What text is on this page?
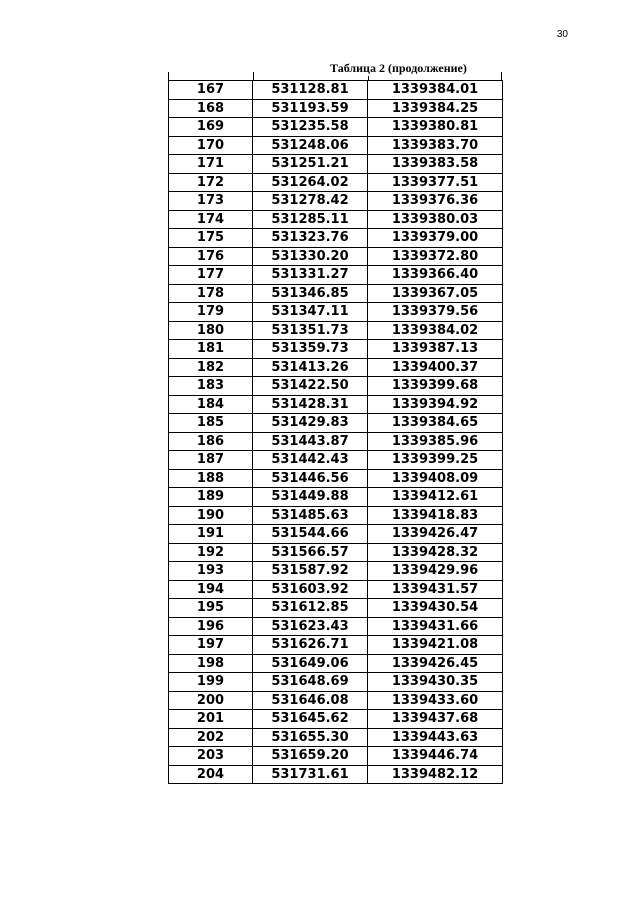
30
Таблица 2 (продолжение)
167	531128.81	1339384.01
168	531193.59	1339384.25
169	531235.58	1339380.81
170	531248.06	1339383.70
171	531251.21	1339383.58
172	531264.02	1339377.51
173	531278.42	1339376.36
174	531285.11	1339380.03
175	531323.76	1339379.00
176	531330.20	1339372.80
177	531331.27	1339366.40
178	531346.85	1339367.05
179	531347.11	1339379.56
180	531351.73	1339384.02
181	531359.73	1339387.13
182	531413.26	1339400.37
183	531422.50	1339399.68
184	531428.31	1339394.92
185	531429.83	1339384.65
186	531443.87	1339385.96
187	531442.43	1339399.25
188	531446.56	1339408.09
189	531449.88	1339412.61
190	531485.63	1339418.83
191	531544.66	1339426.47
192	531566.57	1339428.32
193	531587.92	1339429.96
194	531603.92	1339431.57
195	531612.85	1339430.54
196	531623.43	1339431.66
197	531626.71	1339421.08
198	531649.06	1339426.45
199	531648.69	1339430.35
200	531646.08	1339433.60
201	531645.62	1339437.68
202	531655.30	1339443.63
203	531659.20	1339446.74
204	531731.61	1339482.12
